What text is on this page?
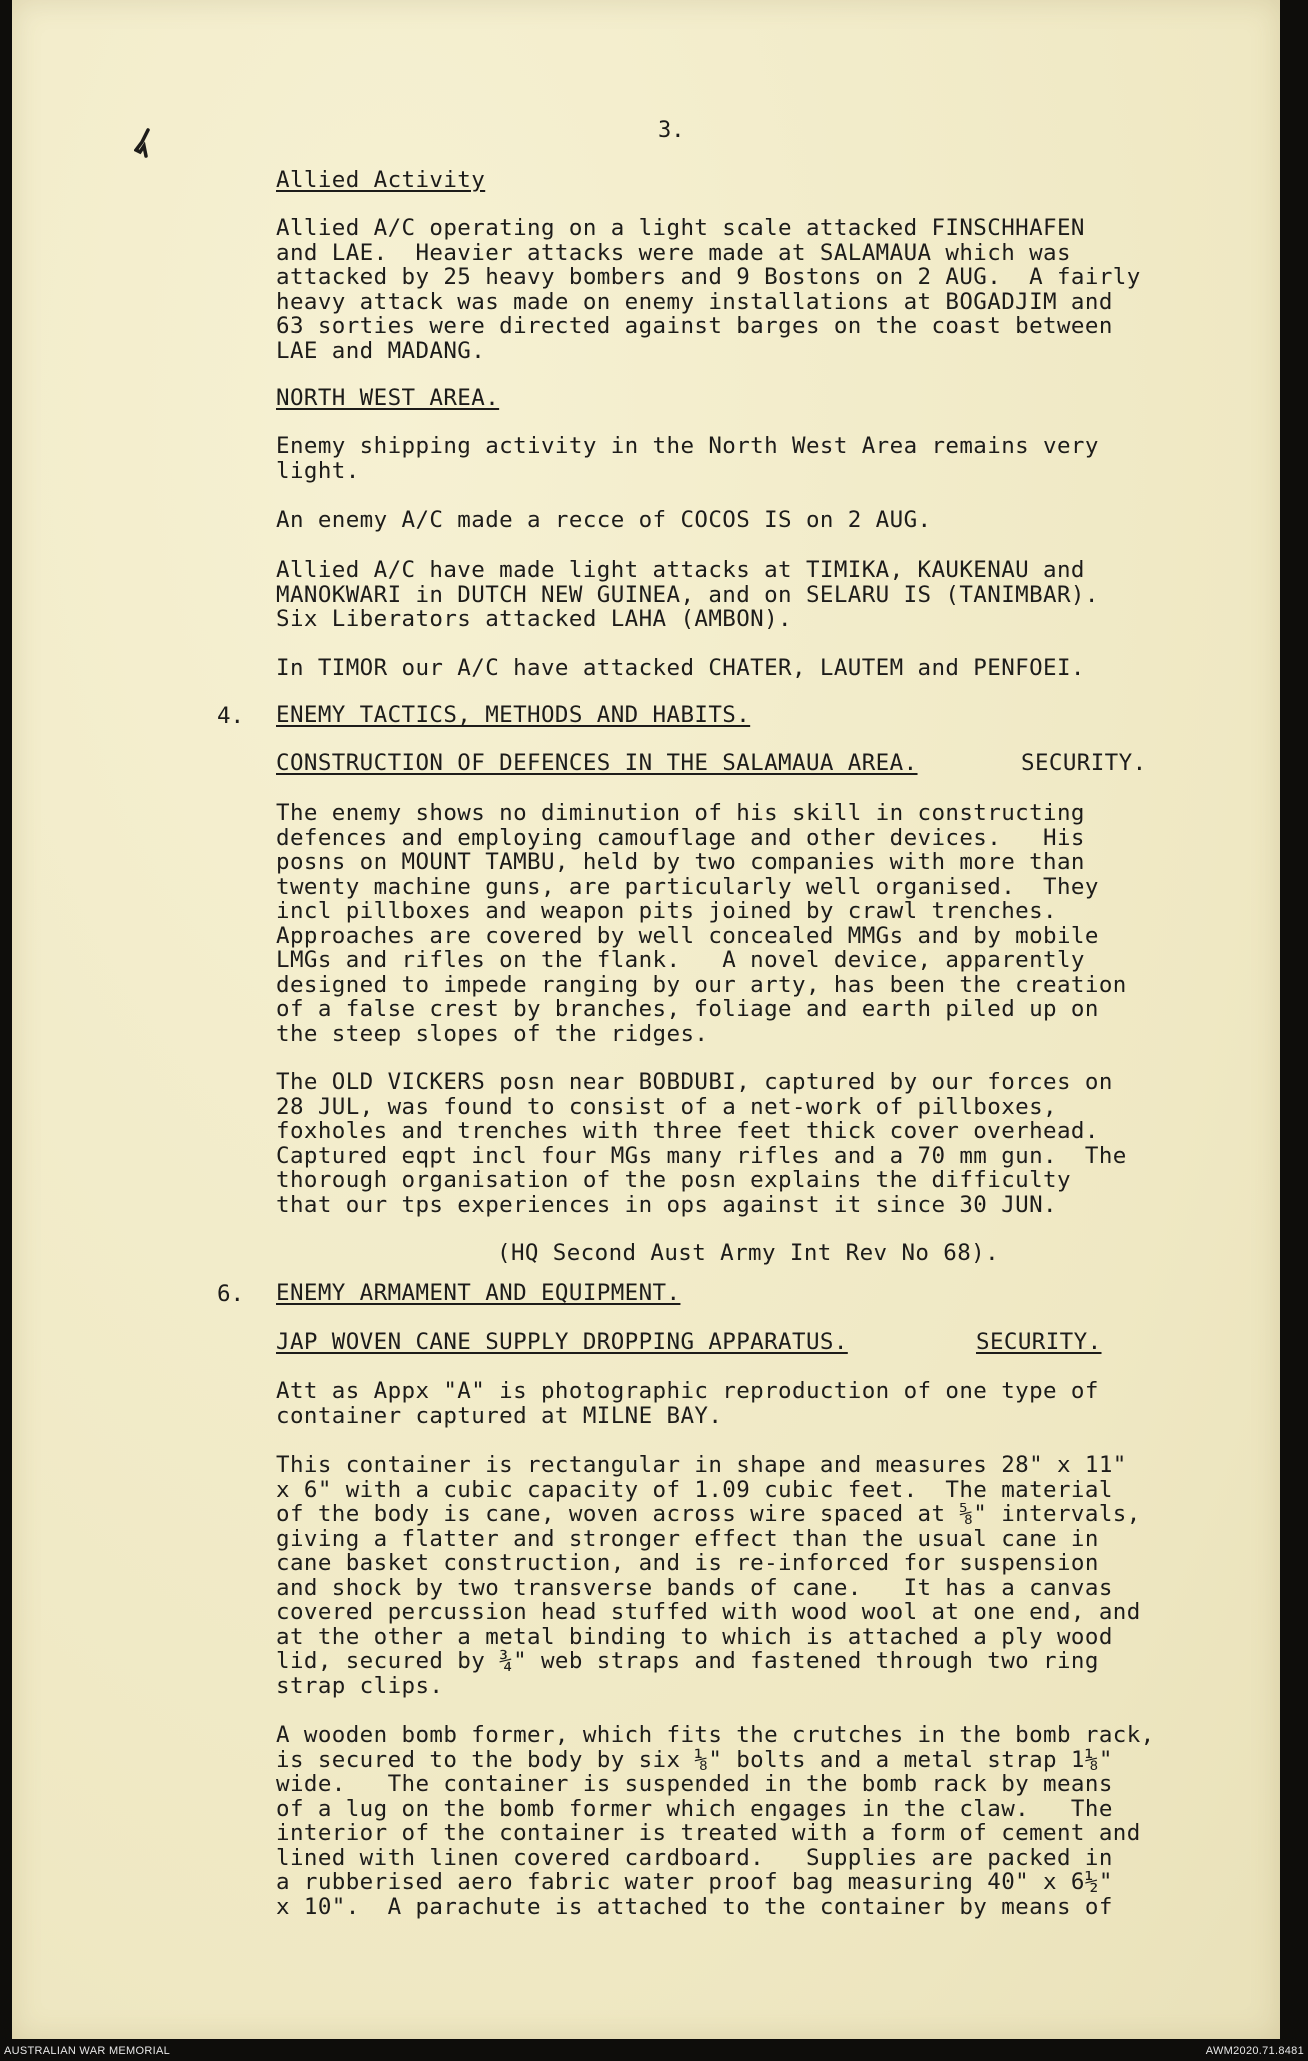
3.

Allied Activity

Allied A/C operating on a light scale attacked FINSCHHAFEN

and LAE.  Heavier attacks were made at SALAMAUA which was

attacked by 25 heavy bombers and 9 Bostons on 2 AUG.  A fairly

heavy attack was made on enemy installations at BOGADJIM and

63 sorties were directed against barges on the coast between

LAE and MADANG.

NORTH WEST AREA.

Enemy shipping activity in the North West Area remains very

light.

An enemy A/C made a recce of COCOS IS on 2 AUG.

Allied A/C have made light attacks at TIMIKA, KAUKENAU and

MANOKWARI in DUTCH NEW GUINEA, and on SELARU IS (TANIMBAR).

Six Liberators attacked LAHA (AMBON).

In TIMOR our A/C have attacked CHATER, LAUTEM and PENFOEI.

4.

ENEMY TACTICS, METHODS AND HABITS.

CONSTRUCTION OF DEFENCES IN THE SALAMAUA AREA.

	SECURITY.

The enemy shows no diminution of his skill in constructing

defences and employing camouflage and other devices.   His

posns on MOUNT TAMBU, held by two companies with more than

twenty machine guns, are particularly well organised.  They

incl pillboxes and weapon pits joined by crawl trenches.

Approaches are covered by well concealed MMGs and by mobile

LMGs and rifles on the flank.   A novel device, apparently

designed to impede ranging by our arty, has been the creation

of a false crest by branches, foliage and earth piled up on

the steep slopes of the ridges.

The OLD VICKERS posn near BOBDUBI, captured by our forces on

28 JUL, was found to consist of a net-work of pillboxes,

foxholes and trenches with three feet thick cover overhead.

Captured eqpt incl four MGs many rifles and a 70 mm gun.  The

thorough organisation of the posn explains the difficulty

that our tps experiences in ops against it since 30 JUN.

(HQ Second Aust Army Int Rev No 68).

6.

ENEMY ARMAMENT AND EQUIPMENT.

JAP WOVEN CANE SUPPLY DROPPING APPARATUS.

	SECURITY.

Att as Appx "A" is photographic reproduction of one type of

container captured at MILNE BAY.

This container is rectangular in shape and measures 28" x 11"

x 6" with a cubic capacity of 1.09 cubic feet.  The material

of the body is cane, woven across wire spaced at ⅝" intervals,

giving a flatter and stronger effect than the usual cane in

cane basket construction, and is re-inforced for suspension

and shock by two transverse bands of cane.   It has a canvas

covered percussion head stuffed with wood wool at one end, and

at the other a metal binding to which is attached a ply wood

lid, secured by ¾" web straps and fastened through two ring

strap clips.

A wooden bomb former, which fits the crutches in the bomb rack,

is secured to the body by six ⅛" bolts and a metal strap 1⅛"

wide.   The container is suspended in the bomb rack by means

of a lug on the bomb former which engages in the claw.   The

interior of the container is treated with a form of cement and

lined with linen covered cardboard.   Supplies are packed in

a rubberised aero fabric water proof bag measuring 40" x 6½"

x 10".  A parachute is attached to the container by means of

AUSTRALIAN WAR MEMORIAL	AWM2020.71.8481
